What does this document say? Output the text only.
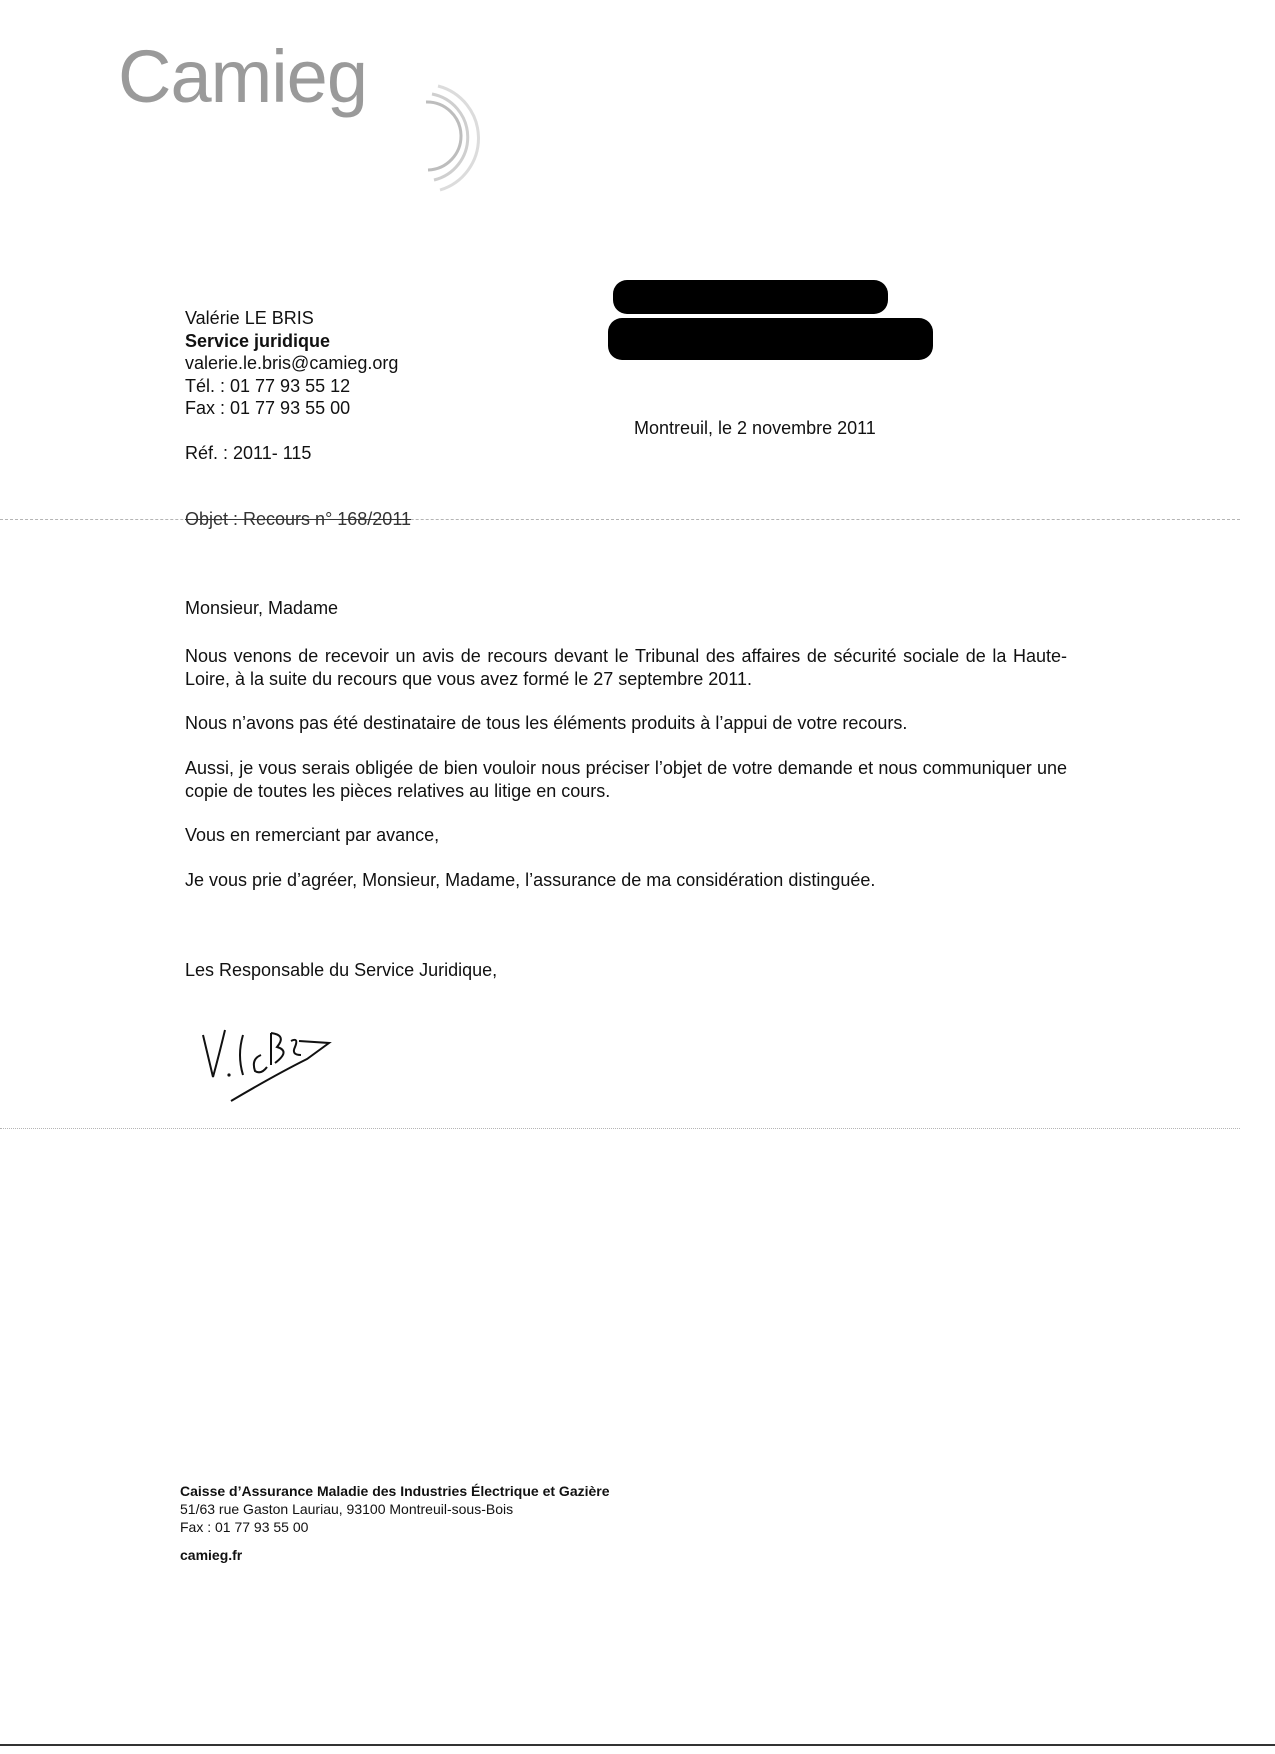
Camieg
Valérie LE BRIS
Service juridique
valerie.le.bris@camieg.org
Tél. : 01 77 93 55 12
Fax : 01 77 93 55 00
Réf. : 2011- 115
Montreuil, le 2 novembre 2011
Objet : Recours n° 168/2011
Monsieur, Madame
Nous venons de recevoir un avis de recours devant le Tribunal des affaires de sécurité sociale de la Haute-Loire, à la suite du recours que vous avez formé le 27 septembre 2011.
Nous n’avons pas été destinataire de tous les éléments produits à l’appui de votre recours.
Aussi, je vous serais obligée de bien vouloir nous préciser l’objet de votre demande et nous communiquer une copie de toutes les pièces relatives au litige en cours.
Vous en remerciant par avance,
Je vous prie d’agréer, Monsieur, Madame, l’assurance de ma considération distinguée.
Les Responsable du Service Juridique,
Caisse d’Assurance Maladie des Industries Électrique et Gazière
51/63 rue Gaston Lauriau, 93100 Montreuil-sous-Bois
Fax : 01 77 93 55 00
camieg.fr
